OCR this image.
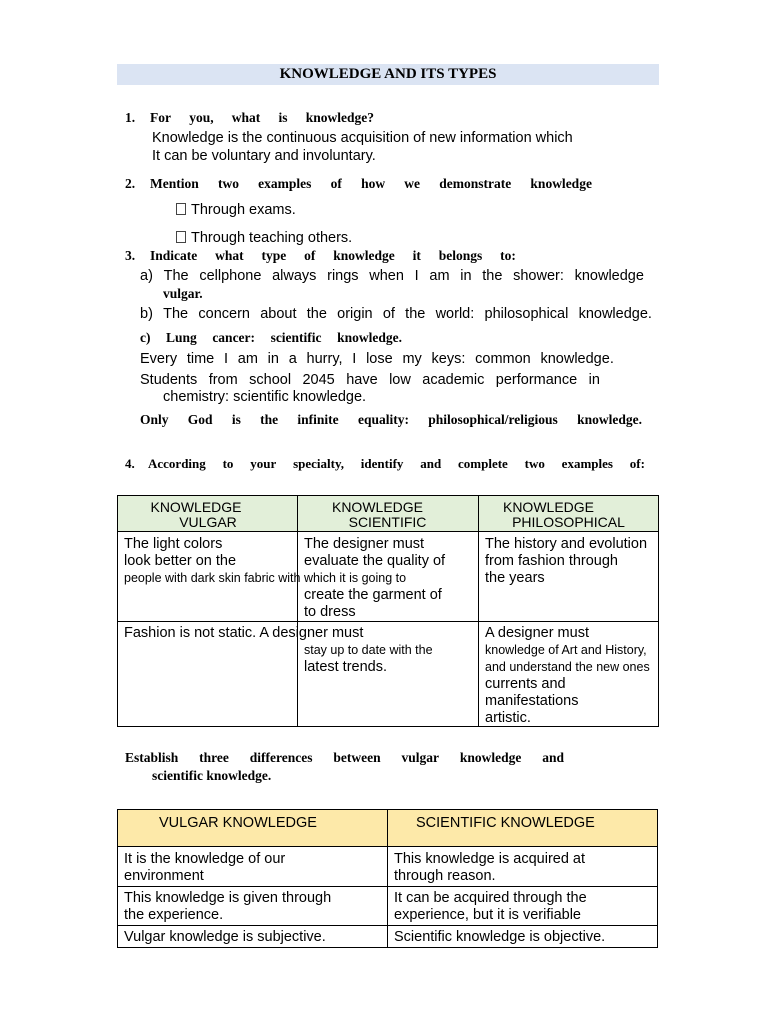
KNOWLEDGE AND ITS TYPES
1. For you, what is knowledge?
Knowledge is the continuous acquisition of new information which
It can be voluntary and involuntary.
2. Mention two examples of how we demonstrate knowledge
Through exams.
Through teaching others.
3. Indicate what type of knowledge it belongs to:
a) The cellphone always rings when I am in the shower: knowledge
vulgar.
b) The concern about the origin of the world: philosophical knowledge.
c) Lung cancer: scientific knowledge.
Every time I am in a hurry, I lose my keys: common knowledge.
Students from school 2045 have low academic performance in
chemistry: scientific knowledge.
Only God is the infinite equality: philosophical/religious knowledge.
4. According to your specialty, identify and complete two examples of:
KNOWLEDGE
VULGAR
KNOWLEDGE
SCIENTIFIC
KNOWLEDGE
PHILOSOPHICAL
The light colors
look better on the
people with dark skin fabric with which it is going to
The designer must
evaluate the quality of
create the garment of
to dress
The history and evolution
from fashion through
the years
Fashion is not static. A designer must
stay up to date with the
latest trends.
A designer must
knowledge of Art and History,
and understand the new ones
currents and
manifestations
artistic.
Establish three differences between vulgar knowledge and
scientific knowledge.
VULGAR KNOWLEDGE	SCIENTIFIC KNOWLEDGE
It is the knowledge of our
environment
This knowledge is acquired at
through reason.
This knowledge is given through
the experience.
It can be acquired through the
experience, but it is verifiable
Vulgar knowledge is subjective.	Scientific knowledge is objective.
